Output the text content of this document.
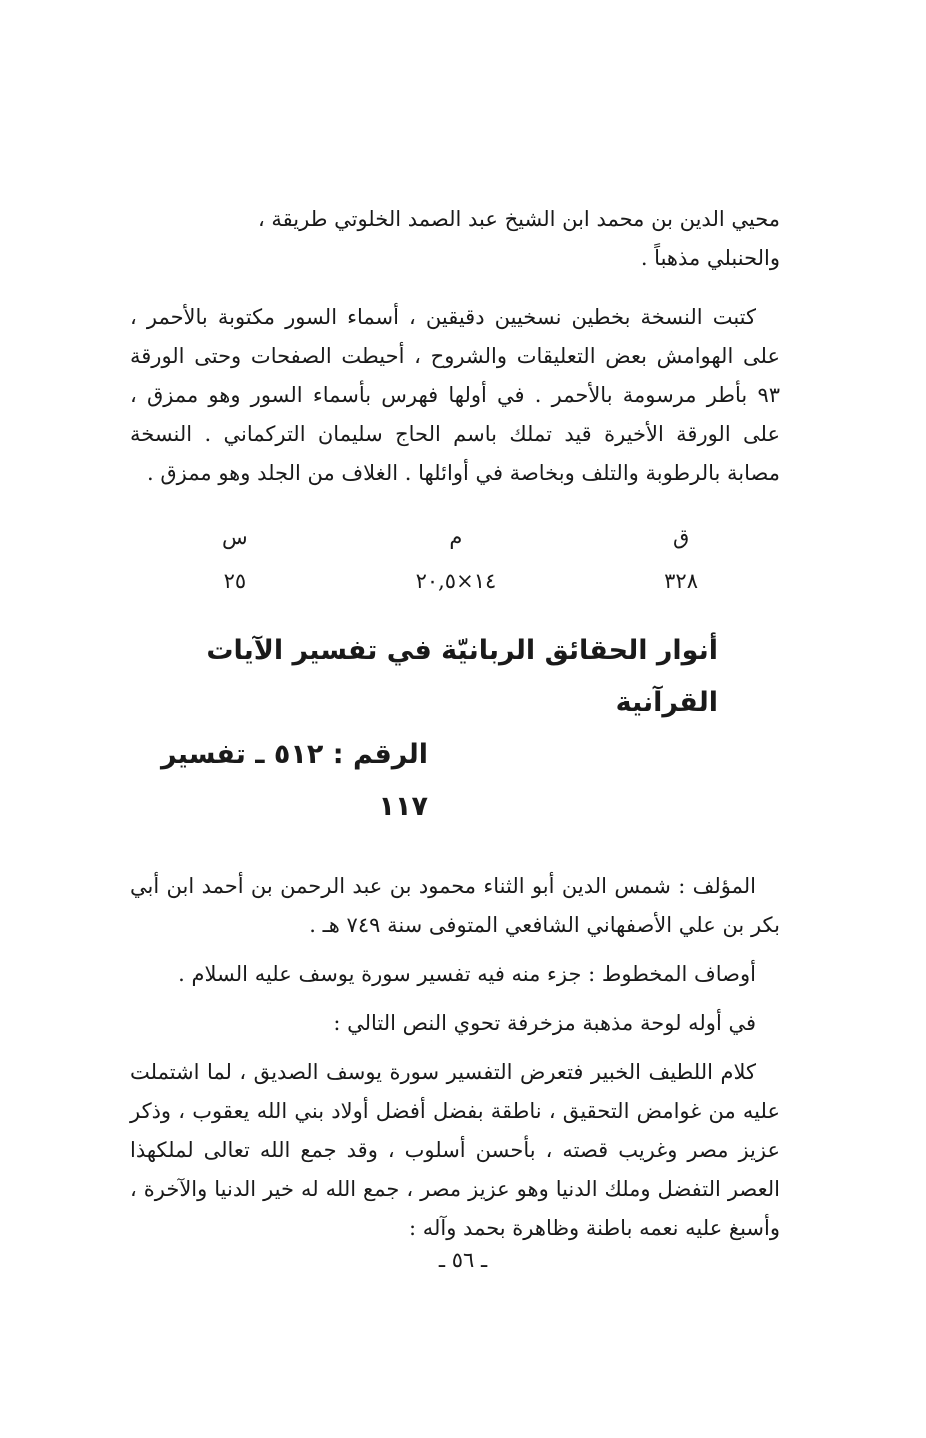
محيي الدين بن محمد ابن الشيخ عبد الصمد الخلوتي طريقة ،

والحنبلي مذهباً .

كتبت النسخة بخطين نسخيين دقيقين ، أسماء السور مكتوبة بالأحمر ، على الهوامش بعض التعليقات والشروح ، أحيطت الصفحات وحتى الورقة ٩٣ بأطر مرسومة بالأحمر . في أولها فهرس بأسماء السور وهو ممزق ، على الورقة الأخيرة قيد تملك باسم الحاج سليمان التركماني . النسخة مصابة بالرطوبة والتلف وبخاصة في أوائلها . الغلاف من الجلد وهو ممزق .

ق
٣٢٨
م
١٤×٢٠,٥
س
٢٥
أنوار الحقائق الربانيّة في تفسير الآيات القرآنية
الرقم : ٥١٢ ـ تفسير ١١٧

المؤلف : شمس الدين أبو الثناء محمود بن عبد الرحمن بن أحمد ابن أبي بكر بن علي الأصفهاني الشافعي المتوفى سنة ٧٤٩ هـ .

أوصاف المخطوط : جزء منه فيه تفسير سورة يوسف عليه السلام .

في أوله لوحة مذهبة مزخرفة تحوي النص التالي :

كلام اللطيف الخبير فتعرض التفسير سورة يوسف الصديق ، لما اشتملت عليه من غوامض التحقيق ، ناطقة بفضل أفضل أولاد بني الله يعقوب ، وذكر عزيز مصر وغريب قصته ، بأحسن أسلوب ، وقد جمع الله تعالى لملكهذا العصر التفضل وملك الدنيا وهو عزيز مصر ، جمع الله له خير الدنيا والآخرة ، وأسبغ عليه نعمه باطنة وظاهرة بحمد وآله :

ـ ٥٦ ـ
